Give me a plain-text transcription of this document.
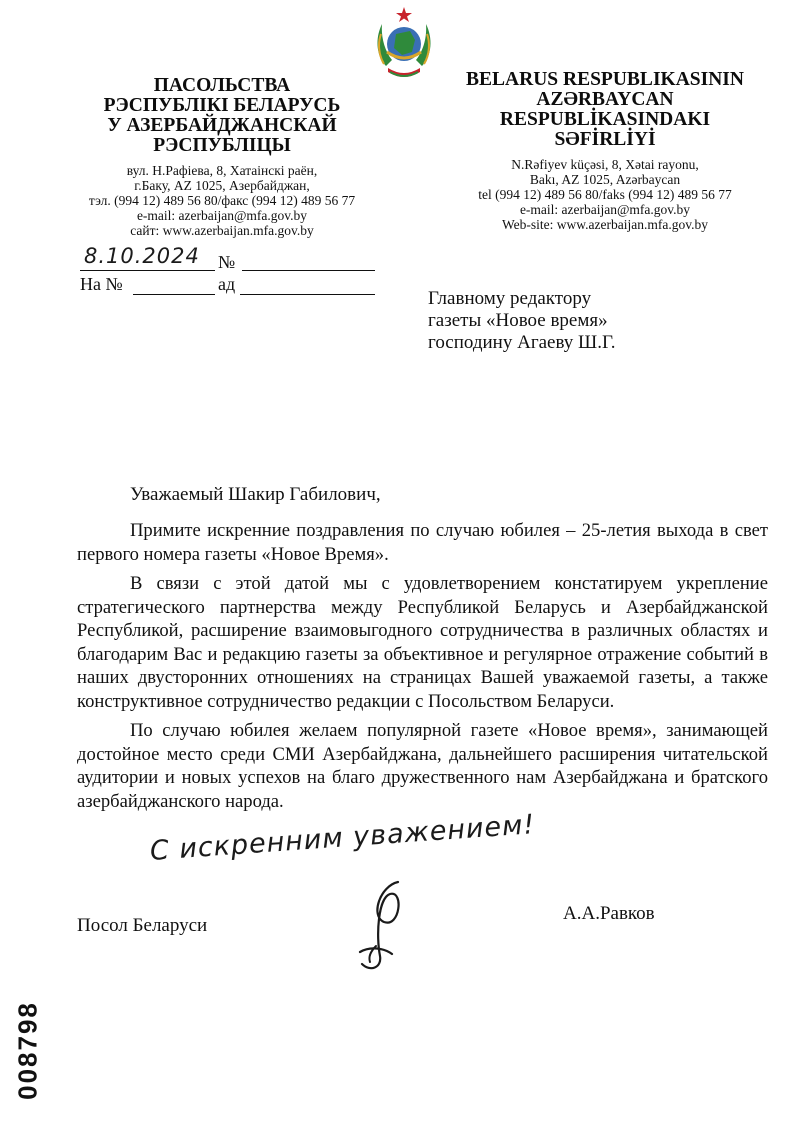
ПАСОЛЬСТВА
РЭСПУБЛІКІ БЕЛАРУСЬ
У АЗЕРБАЙДЖАНСКАЙ
РЭСПУБЛІЦЫ
вул. Н.Рафіева, 8, Хатаінскі раён,
г.Баку, AZ 1025, Азербайджан,
тэл. (994 12) 489 56 80/факс (994 12) 489 56 77
e-mail: azerbaijan@mfa.gov.by
сайт: www.azerbaijan.mfa.gov.by
BELARUS RESPUBLIKASININ
AZƏRBAYCAN
RESPUBLİKASINDAKI
SƏFİRLİYİ
N.Rəfiyev küçəsi, 8, Xətai rayonu,
Bakı, AZ 1025, Azərbaycan
tel (994 12) 489 56 80/faks (994 12) 489 56 77
e-mail: azerbaijan@mfa.gov.by
Web-site: www.azerbaijan.mfa.gov.by
8.10.2024 №
На №	ад
Главному редактору
газеты «Новое время»
господину Агаеву Ш.Г.
Уважаемый Шакир Габилович,

Примите искренние поздравления по случаю юбилея – 25-летия выхода в свет первого номера газеты «Новое Время».

В связи с этой датой мы с удовлетворением констатируем укрепление стратегического партнерства между Республикой Беларусь и Азербайджанской Республикой, расширение взаимовыгодного сотрудничества в различных областях и благодарим Вас и редакцию газеты за объективное и регулярное отражение событий в наших двусторонних отношениях на страницах Вашей уважаемой газеты, а также конструктивное сотрудничество редакции с Посольством Беларуси.

По случаю юбилея желаем популярной газете «Новое время», занимающей достойное место среди СМИ Азербайджана, дальнейшего расширения читательской аудитории и новых успехов на благо дружественного нам Азербайджана и братского азербайджанского народа.

С искренним уважением!
Посол Беларуси
А.А.Равков
008798
